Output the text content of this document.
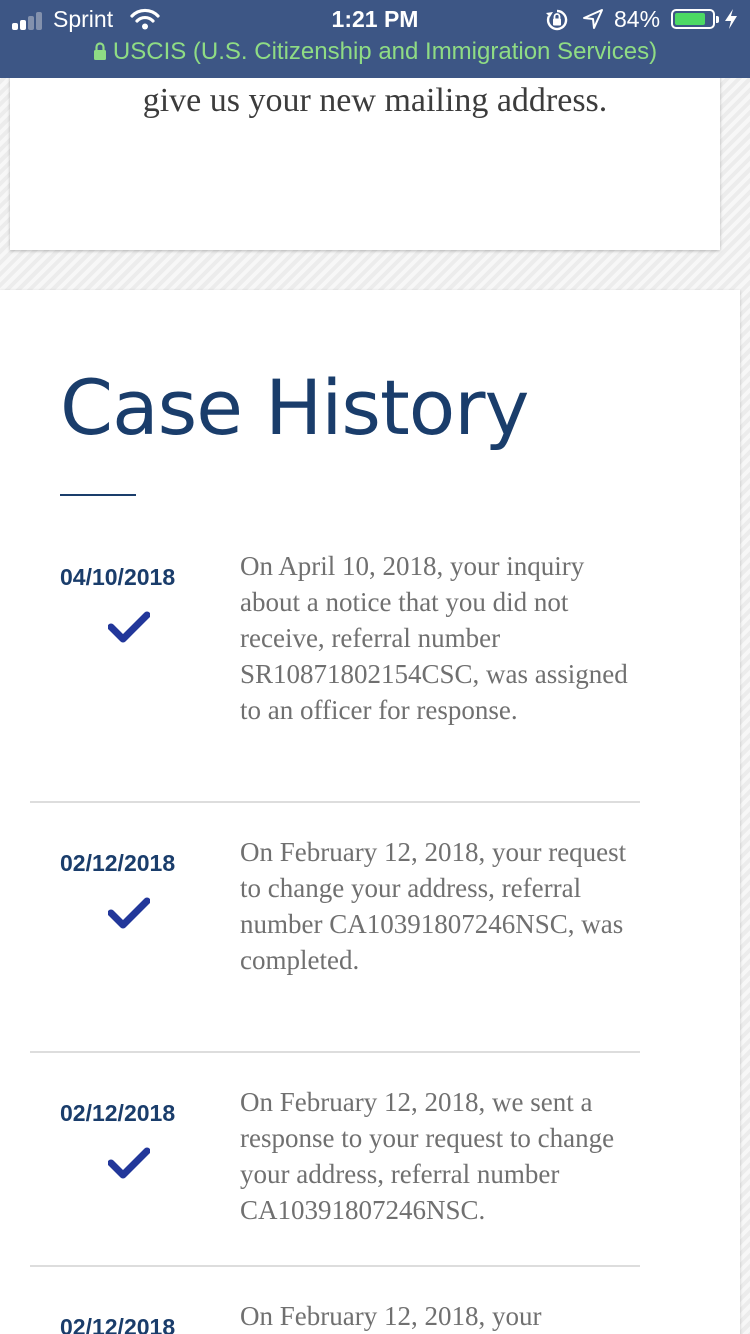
Sprint	1:21 PM	84%
USCIS (U.S. Citizenship and Immigration Services)
give us your new mailing address.
Case History
04/10/2018	On April 10, 2018, your inquiry about a notice that you did not receive, referral number SR10871802154CSC, was assigned to an officer for response.
02/12/2018	On February 12, 2018, your request to change your address, referral number CA10391807246NSC, was completed.
02/12/2018	On February 12, 2018, we sent a response to your request to change your address, referral number CA10391807246NSC.
02/12/2018	On February 12, 2018, your
